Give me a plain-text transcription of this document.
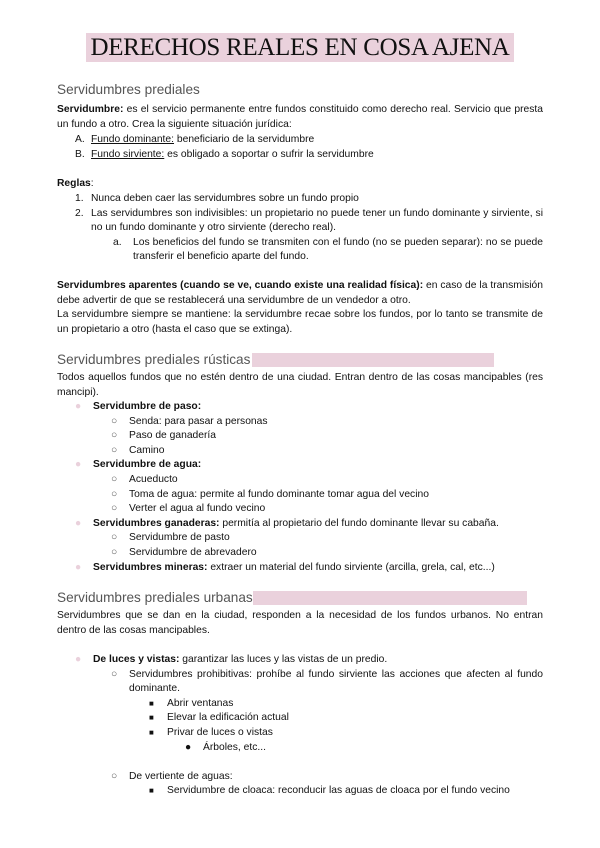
DERECHOS REALES EN COSA AJENA
Servidumbres prediales
Servidumbre: es el servicio permanente entre fundos constituido como derecho real. Servicio que presta un fundo a otro. Crea la siguiente situación jurídica:
A. Fundo dominante: beneficiario de la servidumbre
B. Fundo sirviente: es obligado a soportar o sufrir la servidumbre
Reglas:
1. Nunca deben caer las servidumbres sobre un fundo propio
2. Las servidumbres son indivisibles: un propietario no puede tener un fundo dominante y sirviente, si no un fundo dominante y otro sirviente (derecho real).
a. Los beneficios del fundo se transmiten con el fundo (no se pueden separar): no se puede transferir el beneficio aparte del fundo.
Servidumbres aparentes (cuando se ve, cuando existe una realidad física): en caso de la transmisión debe advertir de que se restablecerá una servidumbre de un vendedor a otro.
La servidumbre siempre se mantiene: la servidumbre recae sobre los fundos, por lo tanto se transmite de un propietario a otro (hasta el caso que se extinga).
Servidumbres prediales rústicas
Todos aquellos fundos que no estén dentro de una ciudad. Entran dentro de las cosas mancipables (res mancipi).
● Servidumbre de paso:
○ Senda: para pasar a personas
○ Paso de ganadería
○ Camino
● Servidumbre de agua:
○ Acueducto
○ Toma de agua: permite al fundo dominante tomar agua del vecino
○ Verter el agua al fundo vecino
● Servidumbres ganaderas: permitía al propietario del fundo dominante llevar su cabaña.
○ Servidumbre de pasto
○ Servidumbre de abrevadero
● Servidumbres mineras: extraer un material del fundo sirviente (arcilla, grela, cal, etc...)
Servidumbres prediales urbanas
Servidumbres que se dan en la ciudad, responden a la necesidad de los fundos urbanos. No entran dentro de las cosas mancipables.
● De luces y vistas: garantizar las luces y las vistas de un predio.
○ Servidumbres prohibitivas: prohíbe al fundo sirviente las acciones que afecten al fundo dominante.
■ Abrir ventanas
■ Elevar la edificación actual
■ Privar de luces o vistas
● Árboles, etc...
○ De vertiente de aguas:
■ Servidumbre de cloaca: reconducir las aguas de cloaca por el fundo vecino
